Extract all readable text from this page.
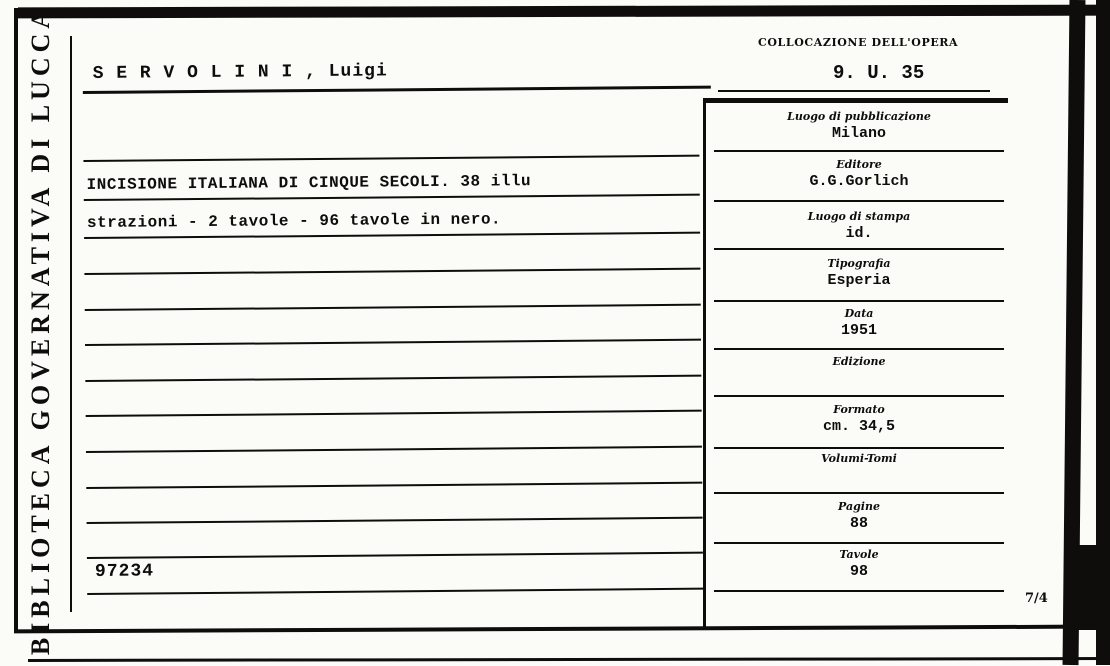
BIBLIOTECA GOVERNATIVA DI LUCCA S E R V O L I N I , Luigi
INCISIONE ITALIANA DI CINQUE SECOLI. 38 illu
strazioni - 2 tavole - 96 tavole in nero.
97234
COLLOCAZIONE DELL'OPERA
9. U. 35
Luogo di pubblicazione
Milano
Editore
G.G.Gorlich
Luogo di stampa
id.
Tipografia
Esperia
Data
1951
Edizione
Formato
cm. 34,5
Volumi-Tomi
Pagine
88
Tavole
98
7/4
